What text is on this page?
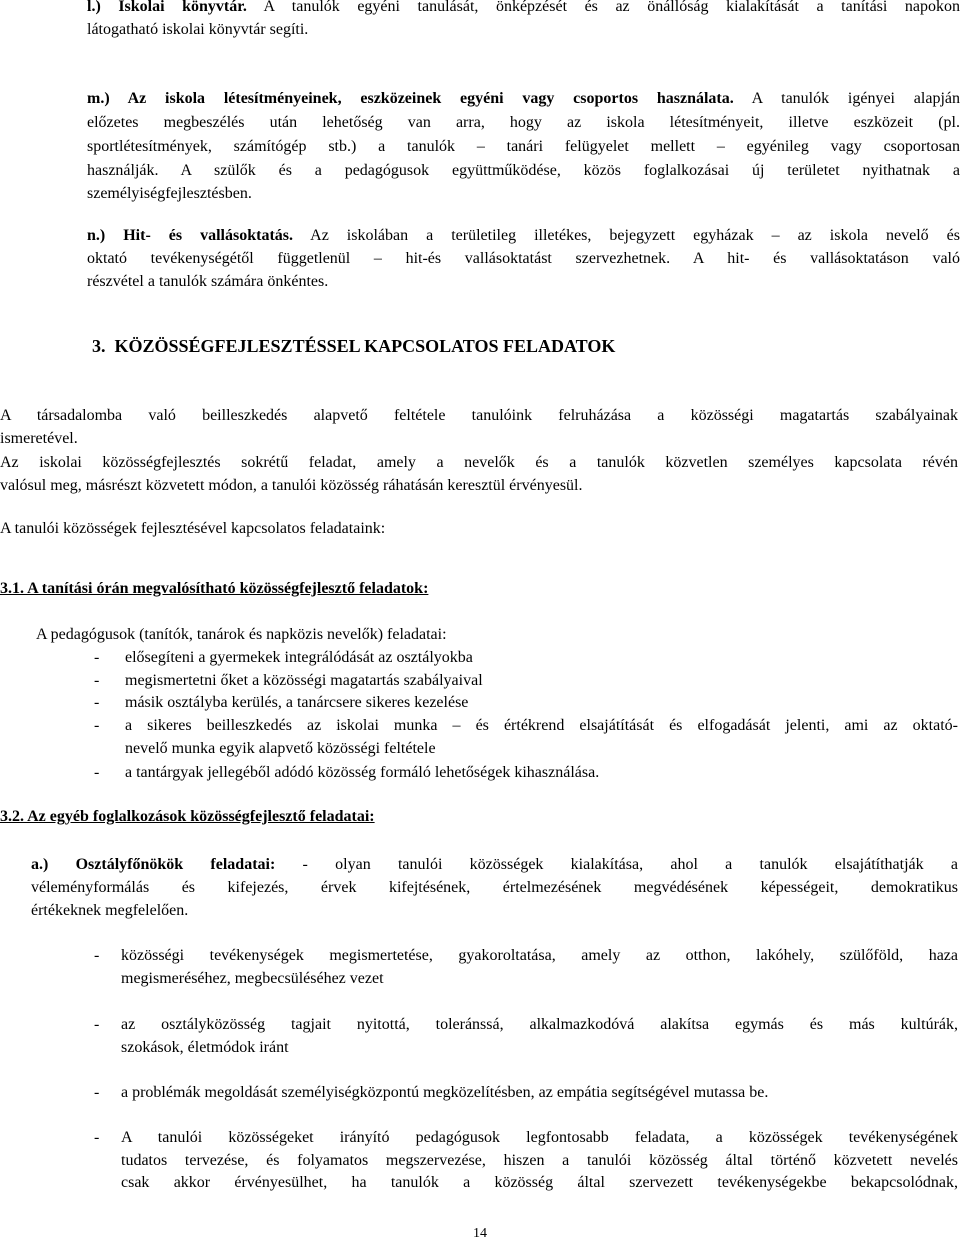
l.) Iskolai könyvtár. A tanulók egyéni tanulását, önképzését és az önállóság kialakítását a tanítási napokon
látogatható iskolai könyvtár segíti.
m.) Az iskola létesítményeinek, eszközeinek egyéni vagy csoportos használata. A tanulók igényei alapján
előzetes megbeszélés után lehetőség van arra, hogy az iskola létesítményeit, illetve eszközeit (pl.
sportlétesítmények, számítógép stb.) a tanulók – tanári felügyelet mellett – egyénileg vagy csoportosan
használják. A szülők és a pedagógusok együttműködése, közös foglalkozásai új területet nyithatnak a
személyiségfejlesztésben.
n.) Hit- és vallásoktatás. Az iskolában a területileg illetékes, bejegyzett egyházak – az iskola nevelő és
oktató tevékenységétől függetlenül – hit-és vallásoktatást szervezhetnek. A hit- és vallásoktatáson való
részvétel a tanulók számára önkéntes.
3. KÖZÖSSÉGFEJLESZTÉSSEL KAPCSOLATOS FELADATOK
A társadalomba való beilleszkedés alapvető feltétele tanulóink felruházása a közösségi magatartás szabályainak
ismeretével.
Az iskolai közösségfejlesztés sokrétű feladat, amely a nevelők és a tanulók közvetlen személyes kapcsolata révén
valósul meg, másrészt közvetett módon, a tanulói közösség ráhatásán keresztül érvényesül.
A tanulói közösségek fejlesztésével kapcsolatos feladataink:
3.1. A tanítási órán megvalósítható közösségfejlesztő feladatok:
A pedagógusok (tanítók, tanárok és napközis nevelők) feladatai:
- elősegíteni a gyermekek integrálódását az osztályokba
- megismertetni őket a közösségi magatartás szabályaival
- másik osztályba kerülés, a tanárcsere sikeres kezelése
- a sikeres beilleszkedés az iskolai munka – és értékrend elsajátítását és elfogadását jelenti, ami az oktató-
nevelő munka egyik alapvető közösségi feltétele
- a tantárgyak jellegéből adódó közösség formáló lehetőségek kihasználása.
3.2. Az egyéb foglalkozások közösségfejlesztő feladatai:
a.) Osztályfőnökök feladatai: - olyan tanulói közösségek kialakítása, ahol a tanulók elsajátíthatják a
véleményformálás és kifejezés, érvek kifejtésének, értelmezésének megvédésének képességeit, demokratikus
értékeknek megfelelően.
- közösségi tevékenységek megismertetése, gyakoroltatása, amely az otthon, lakóhely, szülőföld, haza
megismeréséhez, megbecsüléséhez vezet
- az osztályközösség tagjait nyitottá, toleránssá, alkalmazkodóvá alakítsa egymás és más kultúrák,
szokások, életmódok iránt
- a problémák megoldását személyiségközpontú megközelítésben, az empátia segítségével mutassa be.
- A tanulói közösségeket irányító pedagógusok legfontosabb feladata, a közösségek tevékenységének
tudatos tervezése, és folyamatos megszervezése, hiszen a tanulói közösség által történő közvetett nevelés
csak akkor érvényesülhet, ha tanulók a közösség által szervezett tevékenységekbe bekapcsolódnak,
14
